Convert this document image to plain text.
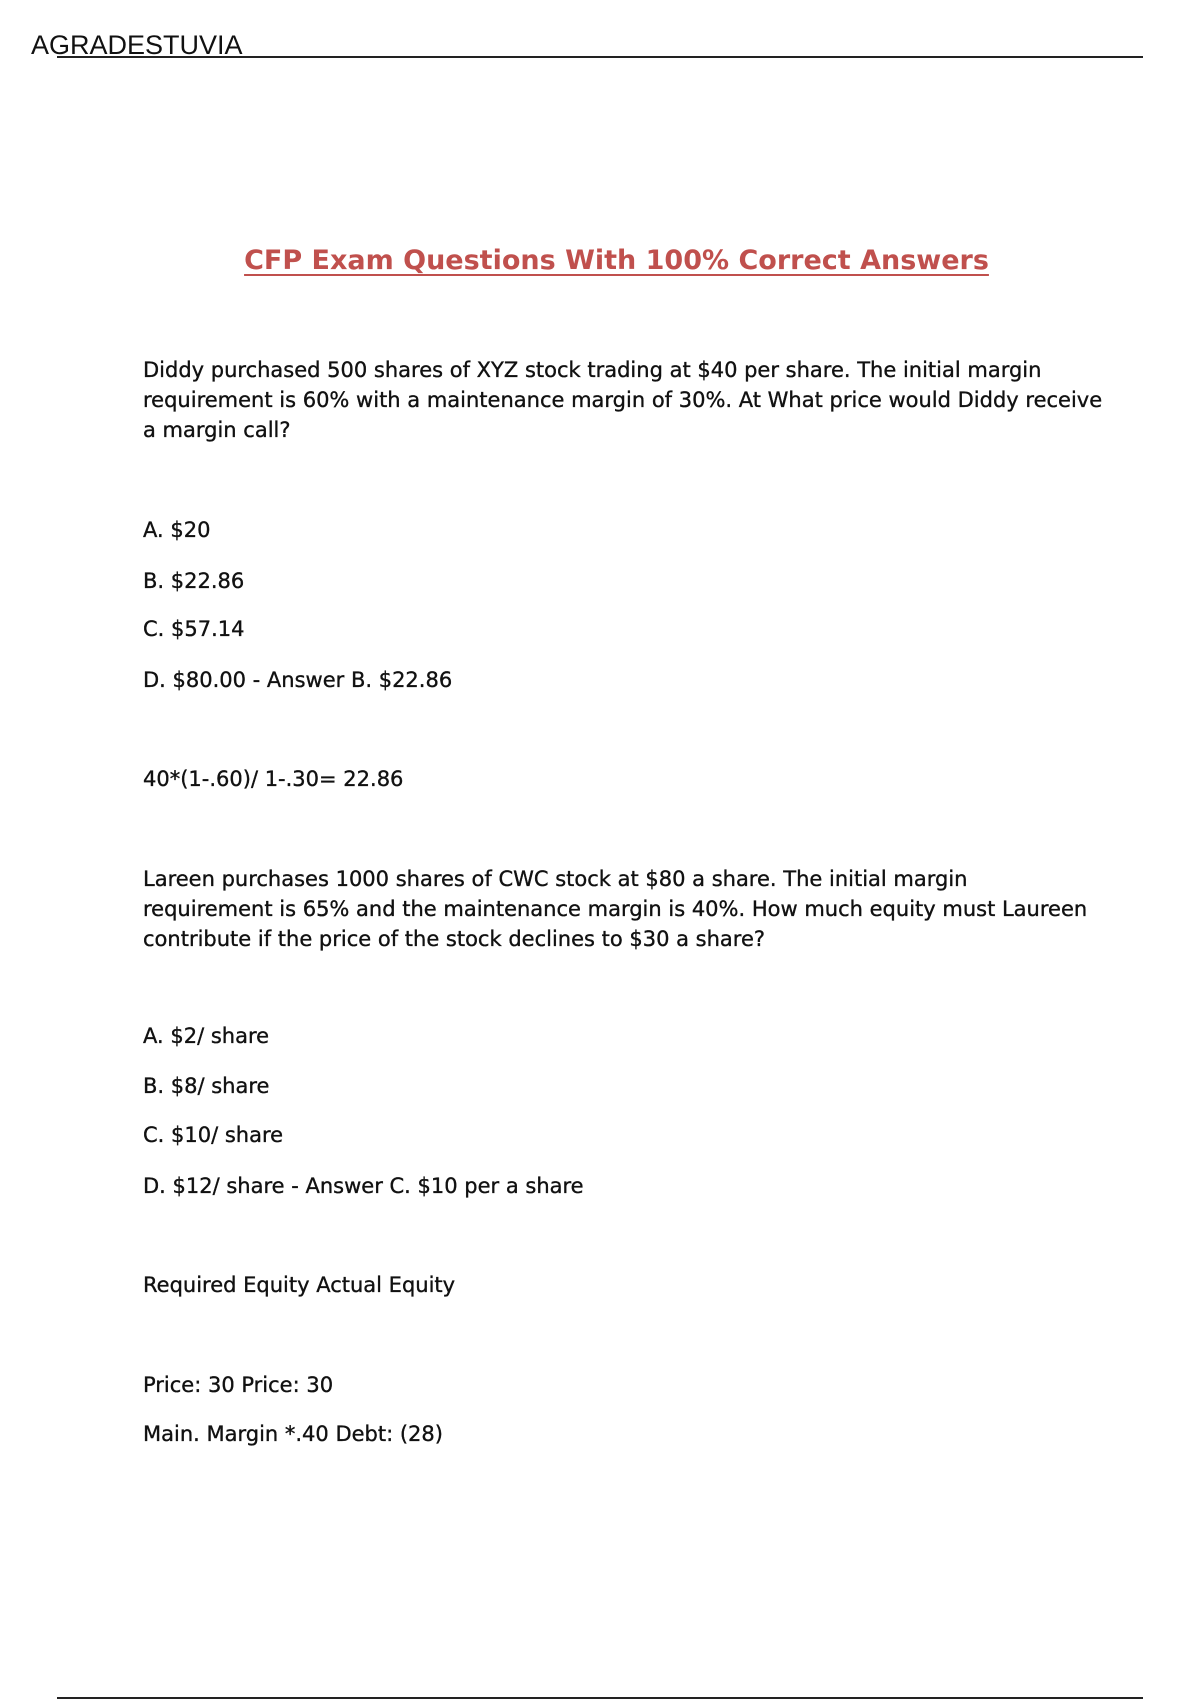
AGRADESTUVIA
CFP Exam Questions With 100% Correct Answers
Diddy purchased 500 shares of XYZ stock trading at $40 per share. The initial margin requirement is 60% with a maintenance margin of 30%. At What price would Diddy receive a margin call?
A. $20
B. $22.86
C. $57.14
D. $80.00 - Answer B. $22.86
40*(1-.60)/ 1-.30= 22.86
Lareen purchases 1000 shares of CWC stock at $80 a share. The initial margin requirement is 65% and the maintenance margin is 40%. How much equity must Laureen contribute if the price of the stock declines to $30 a share?
A. $2/ share
B. $8/ share
C. $10/ share
D. $12/ share - Answer C. $10 per a share
Required Equity Actual Equity
Price: 30 Price: 30
Main. Margin *.40 Debt: (28)
